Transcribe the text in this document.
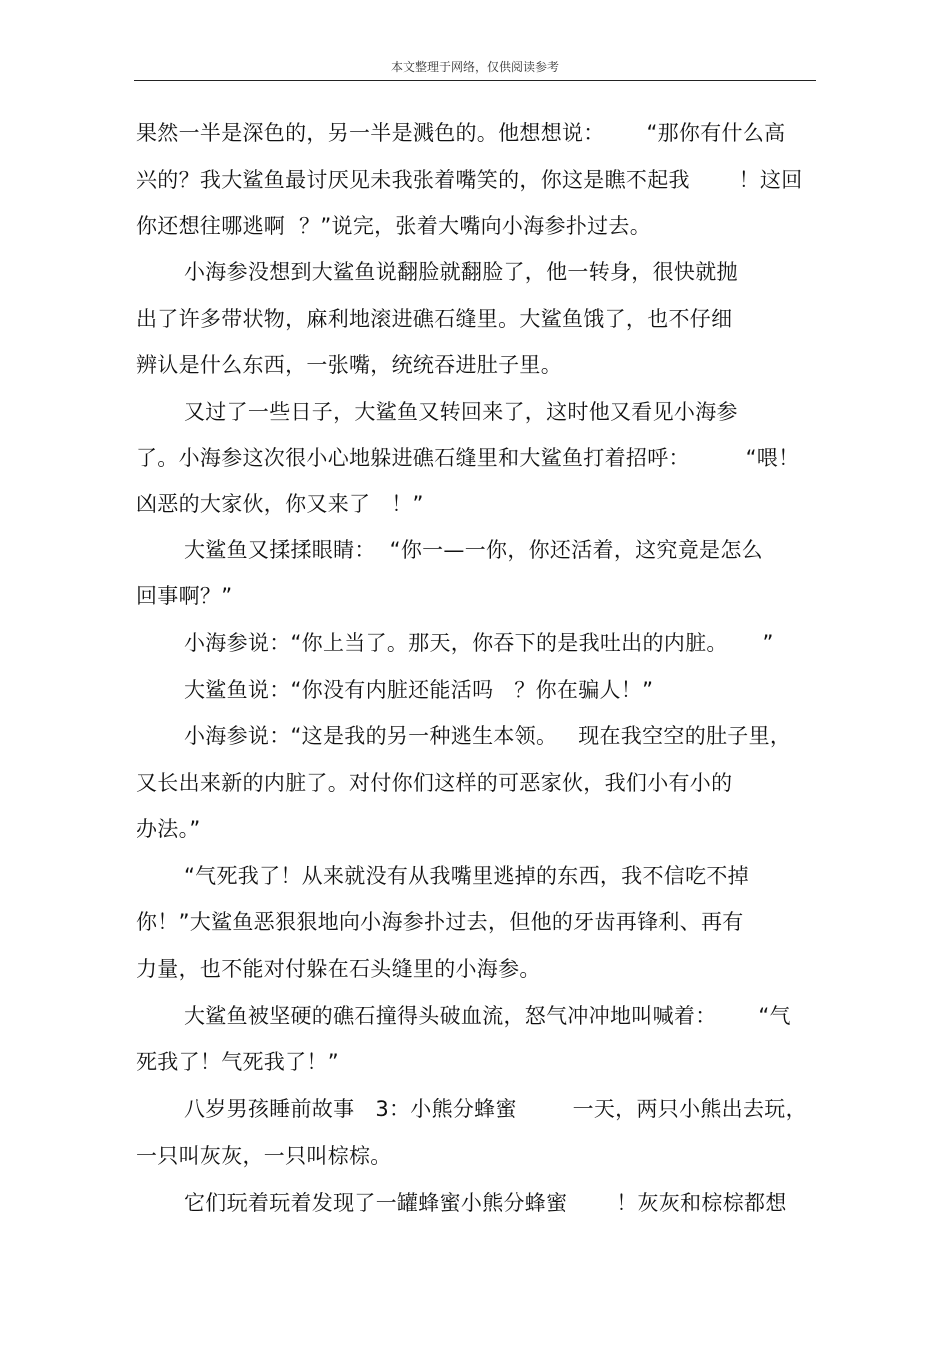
本文整理于网络，仅供阅读参考
果然一半是深色的，另一半是溅色的。他想想说：      “那你有什么高
兴的？我大鲨鱼最讨厌见未我张着嘴笑的，你这是瞧不起我       ！这回
你还想往哪逃啊  ？”说完，张着大嘴向小海参扑过去。
小海参没想到大鲨鱼说翻脸就翻脸了，他一转身，很快就抛
出了许多带状物，麻利地滚进礁石缝里。大鲨鱼饿了，也不仔细
辨认是什么东西，一张嘴，统统吞进肚子里。
又过了一些日子，大鲨鱼又转回来了，这时他又看见小海参
了。小海参这次很小心地躲进礁石缝里和大鲨鱼打着招呼：        “喂！
凶恶的大家伙，你又来了   ！”
大鲨鱼又揉揉眼睛：  “你一—一你，你还活着，这究竟是怎么
回事啊？”
小海参说：“你上当了。那天，你吞下的是我吐出的内脏。     ”
大鲨鱼说：“你没有内脏还能活吗   ？你在骗人！”
小海参说：“这是我的另一种逃生本领。   现在我空空的肚子里，
又长出来新的内脏了。对付你们这样的可恶家伙，我们小有小的
办法。”
“气死我了！从来就没有从我嘴里逃掉的东西，我不信吃不掉
你！”大鲨鱼恶狠狠地向小海参扑过去，但他的牙齿再锋利、再有
力量，也不能对付躲在石头缝里的小海参。
大鲨鱼被坚硬的礁石撞得头破血流，怒气冲冲地叫喊着：      “气
死我了！气死我了！”
八岁男孩睡前故事   3：小熊分蜂蜜        一天，两只小熊出去玩，
一只叫灰灰，一只叫棕棕。
它们玩着玩着发现了一罐蜂蜜小熊分蜂蜜       ！灰灰和棕棕都想
